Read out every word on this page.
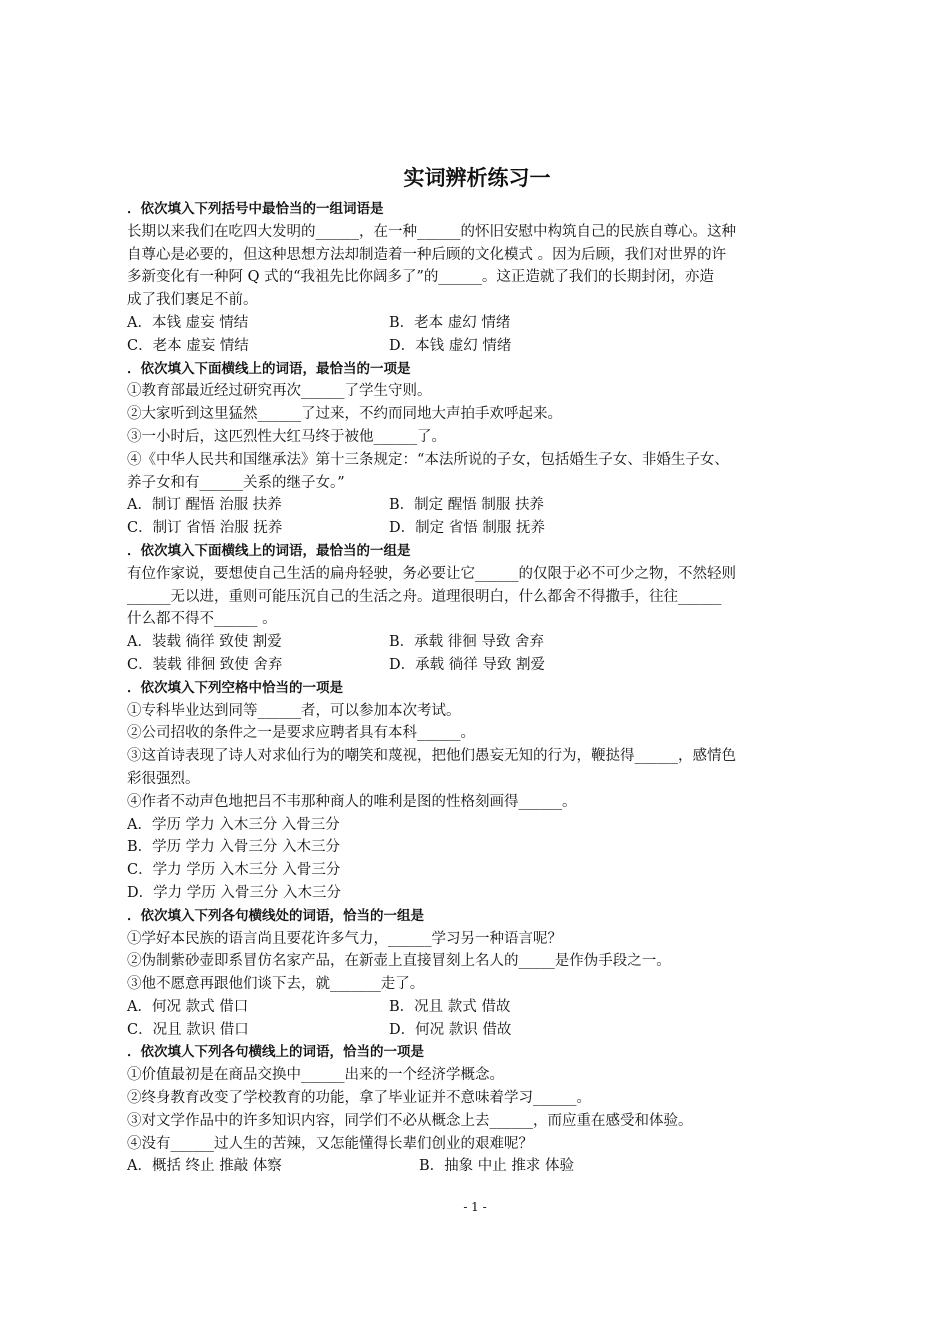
实词辨析练习一
．依次填入下列括号中最恰当的一组词语是
长期以来我们在吃四大发明的______，在一种______的怀旧安慰中构筑自己的民族自尊心。这种
自尊心是必要的，但这种思想方法却制造着一种后顾的文化模式 。因为后顾，我们对世界的许
多新变化有一种阿 Q 式的“我祖先比你阔多了”的______。这正造就了我们的长期封闭，亦造
成了我们裹足不前。
A．本钱 虚妄 情结	B．老本 虚幻 情绪
C．老本 虚妄 情结	D．本钱 虚幻 情绪
．依次填入下面横线上的词语，最恰当的一项是
①教育部最近经过研究再次______了学生守则。
②大家听到这里猛然______了过来，不约而同地大声拍手欢呼起来。
③一小时后，这匹烈性大红马终于被他______了。
④《中华人民共和国继承法》第十三条规定：“本法所说的子女，包括婚生子女、非婚生子女、
养子女和有______关系的继子女。”
A．制订 醒悟 治服 扶养	B．制定 醒悟 制服 扶养
C．制订 省悟 治服 抚养	D．制定 省悟 制服 抚养
．依次填入下面横线上的词语，最恰当的一组是
有位作家说，要想使自己生活的扁舟轻驶，务必要让它______的仅限于必不可少之物，不然轻则
______无以进，重则可能压沉自己的生活之舟。道理很明白，什么都舍不得撒手，往往______
什么都不得不______ 。
A．装载 徜徉 致使 割爱	B．承载 徘徊 导致 舍弃
C．装载 徘徊 致使 舍弃	D．承载 徜徉 导致 割爱
．依次填入下列空格中恰当的一项是
①专科毕业达到同等______者，可以参加本次考试。
②公司招收的条件之一是要求应聘者具有本科______。
③这首诗表现了诗人对求仙行为的嘲笑和蔑视，把他们愚妄无知的行为，鞭挞得______，感情色
彩很强烈。
④作者不动声色地把吕不韦那种商人的唯利是图的性格刻画得______。
A．学历 学力 入木三分 入骨三分
B．学历 学力 入骨三分 入木三分
C．学力 学历 入木三分 入骨三分
D．学力 学历 入骨三分 入木三分
．依次填入下列各句横线处的词语，恰当的一组是
①学好本民族的语言尚且要花许多气力，______学习另一种语言呢？
②伪制紫砂壶即系冒仿名家产品，在新壶上直接冒刻上名人的_____是作伪手段之一。
③他不愿意再跟他们谈下去，就_______走了。
A．何况 款式 借口	B．况且 款式 借故
C．况且 款识 借口	D．何况 款识 借故
．依次填人下列各句横线上的词语，恰当的一项是
①价值最初是在商品交换中______出来的一个经济学概念。
②终身教育改变了学校教育的功能，拿了毕业证并不意味着学习______。
③对文学作品中的许多知识内容，同学们不必从概念上去______，而应重在感受和体验。
④没有______过人生的苦辣，又怎能懂得长辈们创业的艰难呢？
A．概括 终止 推敲 体察	B．抽象 中止 推求 体验
- 1 -
